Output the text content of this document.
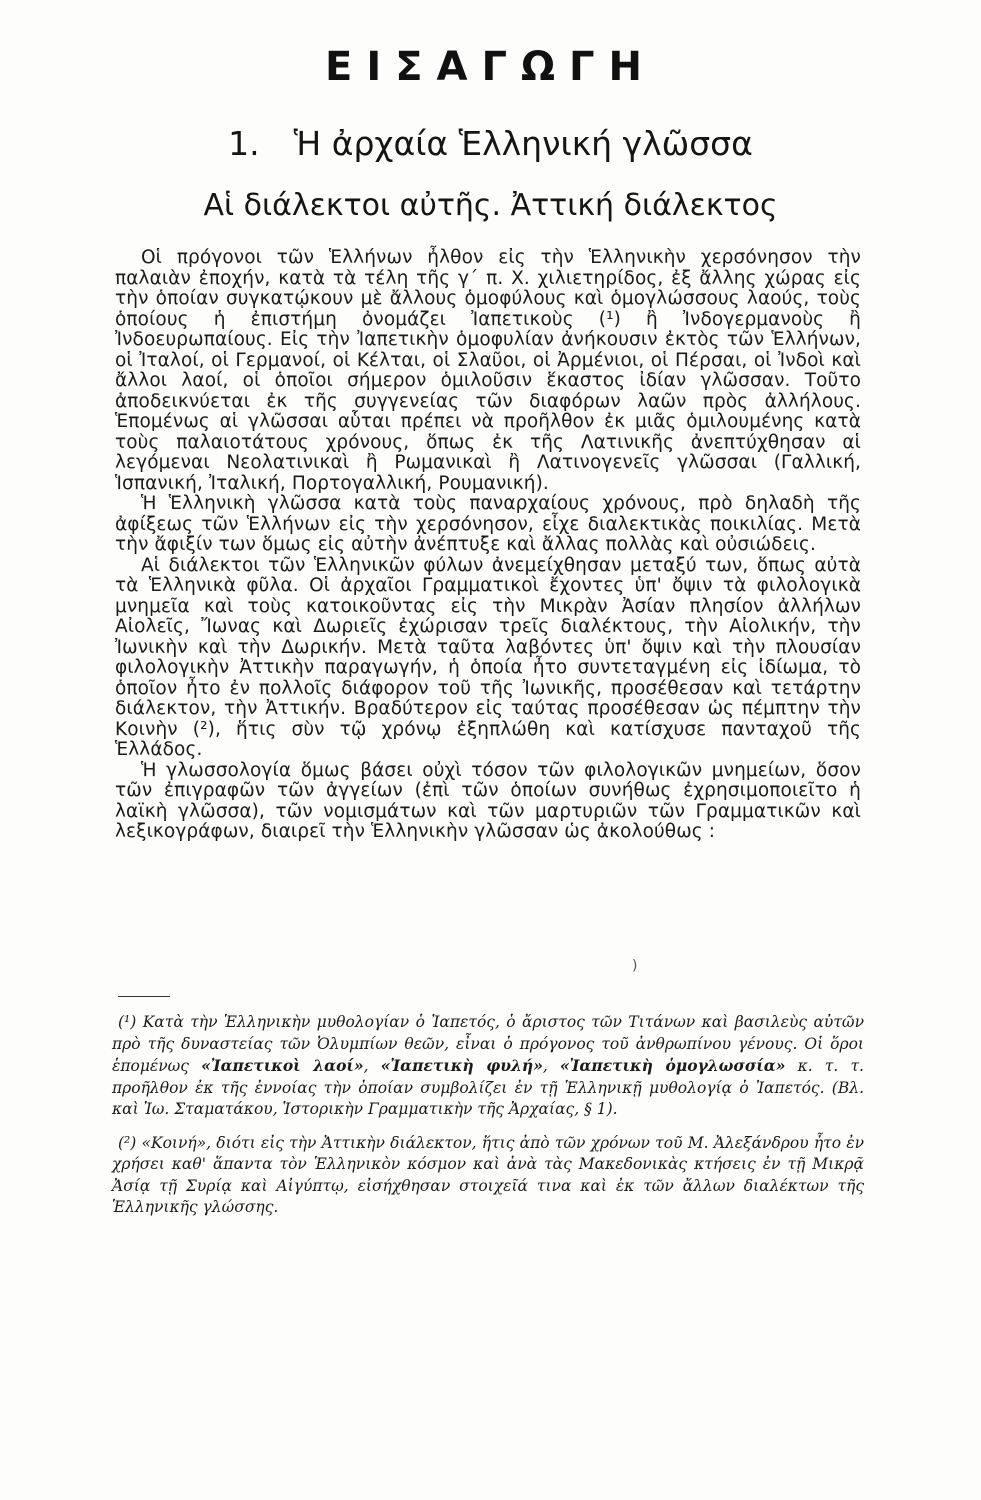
ΕΙΣΑΓΩΓΗ
1. Ἡ ἀρχαία Ἑλληνική γλῶσσα
Αἱ διάλεκτοι αὐτῆς. Ἀττική διάλεκτος

Οἱ πρόγονοι τῶν Ἑλλήνων ἦλθον εἰς τὴν Ἑλληνικὴν χερσόνησον τὴν παλαιὰν ἐποχήν, κατὰ τὰ τέλη τῆς γ΄ π. Χ. χιλιετηρίδος, ἐξ ἄλλης χώρας εἰς τὴν ὁποίαν συγκατῴκουν μὲ ἄλλους ὁμοφύλους καὶ ὁμογλώσσους λαούς, τοὺς ὁποίους ἡ ἐπιστήμη ὀνομάζει Ἰαπετικοὺς (¹) ἢ Ἰνδογερμανοὺς ἢ Ἰνδοευρωπαίους. Εἰς τὴν Ἰαπετικὴν ὁμοφυλίαν ἀνήκουσιν ἐκτὸς τῶν Ἑλλήνων, οἱ Ἰταλοί, οἱ Γερμανοί, οἱ Κέλται, οἱ Σλαῦοι, οἱ Ἀρμένιοι, οἱ Πέρσαι, οἱ Ἰνδοὶ καὶ ἄλλοι λαοί, οἱ ὁποῖοι σήμερον ὁμιλοῦσιν ἕκαστος ἰδίαν γλῶσσαν. Τοῦτο ἀποδεικνύεται ἐκ τῆς συγγενείας τῶν διαφόρων λαῶν πρὸς ἀλλήλους. Ἑπομένως αἱ γλῶσσαι αὗται πρέπει νὰ προῆλθον ἐκ μιᾶς ὁμιλουμένης κατὰ τοὺς παλαιοτάτους χρόνους, ὅπως ἐκ τῆς Λατινικῆς ἀνεπτύχθησαν αἱ λεγόμεναι Νεολατινικαὶ ἢ Ρωμανικαὶ ἢ Λατινογενεῖς γλῶσσαι (Γαλλική, Ἱσπανική, Ἰταλική, Πορτογαλλική, Ρουμανική).

Ἡ Ἑλληνικὴ γλῶσσα κατὰ τοὺς παναρχαίους χρόνους, πρὸ δηλαδὴ τῆς ἀφίξεως τῶν Ἑλλήνων εἰς τὴν χερσόνησον, εἶχε διαλεκτικὰς ποικιλίας. Μετὰ τὴν ἄφιξίν των ὅμως εἰς αὐτὴν ἀνέπτυξε καὶ ἄλλας πολλὰς καὶ οὐσιώδεις.

Αἱ διάλεκτοι τῶν Ἑλληνικῶν φύλων ἀνεμείχθησαν μεταξύ των, ὅπως αὐτὰ τὰ Ἑλληνικὰ φῦλα. Οἱ ἀρχαῖοι Γραμματικοὶ ἔχοντες ὑπ' ὄψιν τὰ φιλολογικὰ μνημεῖα καὶ τοὺς κατοικοῦντας εἰς τὴν Μικρὰν Ἀσίαν πλησίον ἀλλήλων Αἰολεῖς, Ἴωνας καὶ Δωριεῖς ἐχώρισαν τρεῖς διαλέκτους, τὴν Αἰολικήν, τὴν Ἰωνικὴν καὶ τὴν Δωρικήν. Μετὰ ταῦτα λαβόντες ὑπ' ὄψιν καὶ τὴν πλουσίαν φιλολογικὴν Ἀττικὴν παραγωγήν, ἡ ὁποία ἦτο συντεταγμένη εἰς ἰδίωμα, τὸ ὁποῖον ἦτο ἐν πολλοῖς διάφορον τοῦ τῆς Ἰωνικῆς, προσέθεσαν καὶ τετάρτην διάλεκτον, τὴν Ἀττικήν. Βραδύτερον εἰς ταύτας προσέθεσαν ὡς πέμπτην τὴν Κοινὴν (²), ἥτις σὺν τῷ χρόνῳ ἐξηπλώθη καὶ κατίσχυσε πανταχοῦ τῆς Ἑλλάδος.

Ἡ γλωσσολογία ὅμως βάσει οὐχὶ τόσον τῶν φιλολογικῶν μνημείων, ὅσον τῶν ἐπιγραφῶν τῶν ἀγγείων (ἐπὶ τῶν ὁποίων συνήθως ἐχρησιμοποιεῖτο ἡ λαϊκὴ γλῶσσα), τῶν νομισμάτων καὶ τῶν μαρτυριῶν τῶν Γραμματικῶν καὶ λεξικογράφων, διαιρεῖ τὴν Ἑλληνικὴν γλῶσσαν ὡς ἀκολούθως :

)

(¹) Κατὰ τὴν Ἑλληνικὴν μυθολογίαν ὁ Ἰαπετός, ὁ ἄριστος τῶν Τιτάνων καὶ βασιλεὺς αὐτῶν πρὸ τῆς δυναστείας τῶν Ὀλυμπίων θεῶν, εἶναι ὁ πρόγονος τοῦ ἀνθρωπίνου γένους. Οἱ ὅροι ἑπομένως «Ἰαπετικοὶ λαοί», «Ἰαπετικὴ φυλή», «Ἰαπετικὴ ὁμογλωσσία» κ. τ. τ. προῆλθον ἐκ τῆς ἐννοίας τὴν ὁποίαν συμβολίζει ἐν τῇ Ἑλληνικῇ μυθολογίᾳ ὁ Ἰαπετός. (Βλ. καὶ Ἰω. Σταματάκου, Ἱστορικὴν Γραμματικὴν τῆς Ἀρχαίας, § 1).

(²) «Κοινή», διότι εἰς τὴν Ἀττικὴν διάλεκτον, ἥτις ἀπὸ τῶν χρόνων τοῦ Μ. Ἀλεξάνδρου ἦτο ἐν χρήσει καθ' ἅπαντα τὸν Ἑλληνικὸν κόσμον καὶ ἀνὰ τὰς Μακεδονικὰς κτήσεις ἐν τῇ Μικρᾷ Ἀσίᾳ τῇ Συρίᾳ καὶ Αἰγύπτῳ, εἰσήχθησαν στοιχεῖά τινα καὶ ἐκ τῶν ἄλλων διαλέκτων τῆς Ἑλληνικῆς γλώσσης.
